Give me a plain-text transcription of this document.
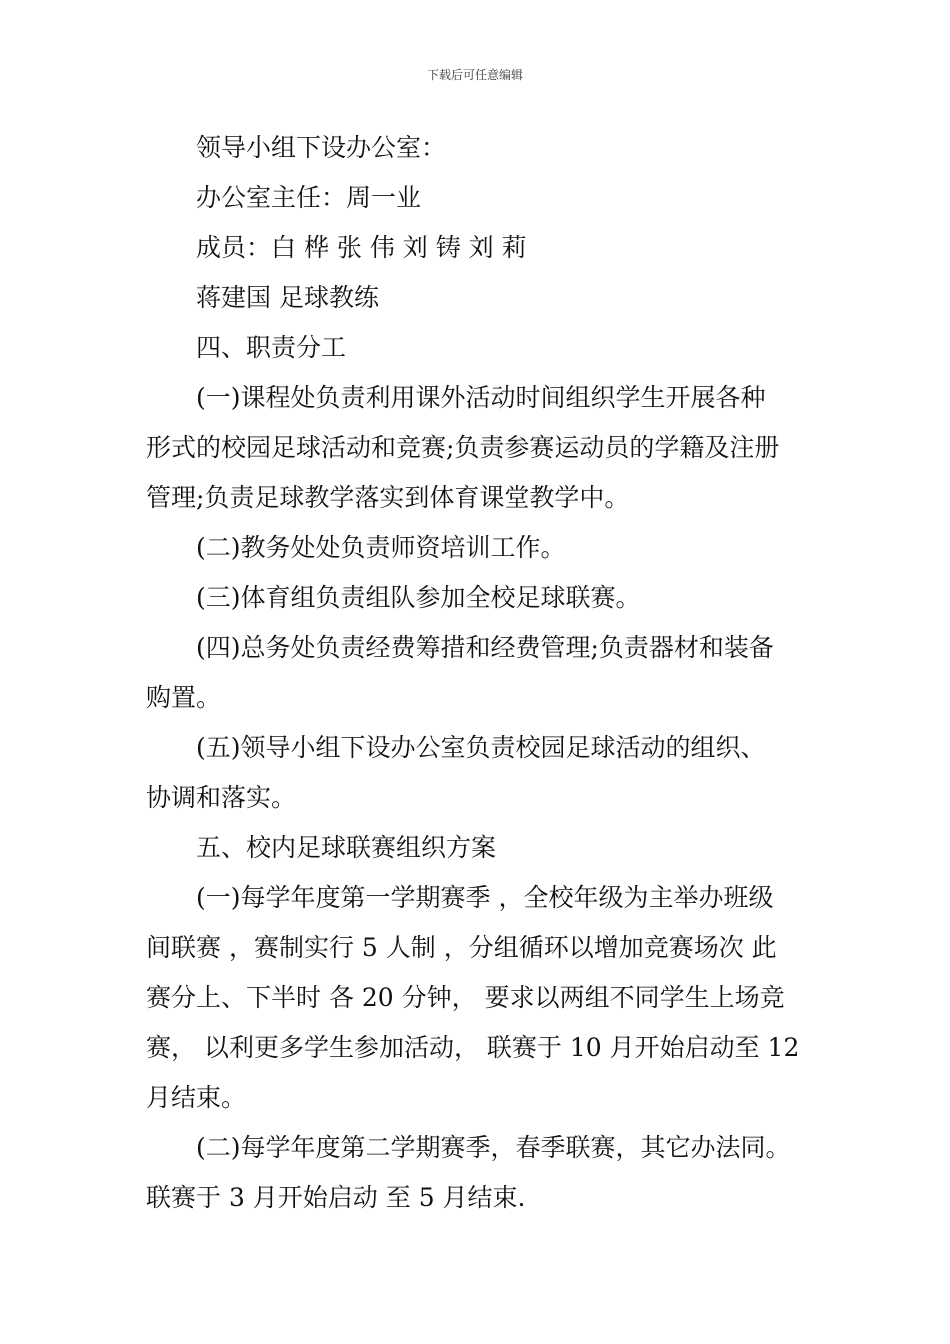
下载后可任意编辑
领导小组下设办公室：
办公室主任：周一业
成员：白 桦 张 伟 刘 铸 刘 莉
蒋建国 足球教练
四、职责分工
(一)课程处负责利用课外活动时间组织学生开展各种
形式的校园足球活动和竞赛;负责参赛运动员的学籍及注册
管理;负责足球教学落实到体育课堂教学中。
(二)教务处处负责师资培训工作。
(三)体育组负责组队参加全校足球联赛。
(四)总务处负责经费筹措和经费管理;负责器材和装备
购置。
(五)领导小组下设办公室负责校园足球活动的组织、
协调和落实。
五、校内足球联赛组织方案
(一)每学年度第一学期赛季 ，全校年级为主举办班级
间联赛 ，赛制实行 5 人制 ，分组循环以增加竞赛场次 此
赛分上、下半时 各 20 分钟， 要求以两组不同学生上场竞
赛， 以利更多学生参加活动， 联赛于 10 月开始启动至 12
月结束。
(二)每学年度第二学期赛季，春季联赛，其它办法同。
联赛于 3 月开始启动 至 5 月结束.
